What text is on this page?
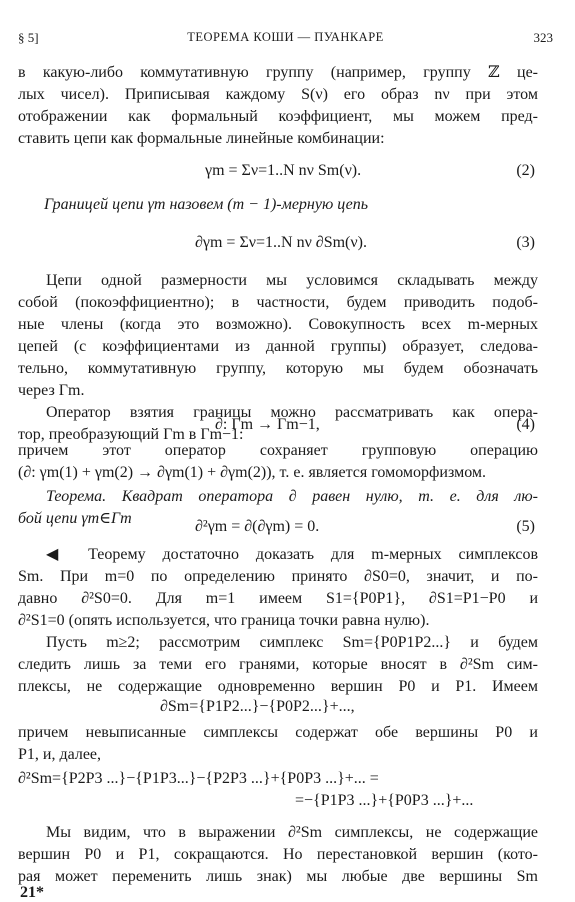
§ 5]	ТЕОРЕМА КОШИ — ПУАНКАРЕ	323
в какую-либо коммутативную группу (например, группу ℤ це-
лых чисел). Приписывая каждому S(ν) его образ nν при этом
отображении как формальный коэффициент, мы можем пред-
ставить цепи как формальные линейные комбинации:
γm = Σν=1..N nν Sm(ν).	(2)
Границей цепи γm назовем (m − 1)-мерную цепь
∂γm = Σν=1..N nν ∂Sm(ν).	(3)
Цепи одной размерности мы условимся складывать между
собой (покоэффициентно); в частности, будем приводить подоб-
ные члены (когда это возможно). Совокупность всех m-мерных
цепей (с коэффициентами из данной группы) образует, следова-
тельно, коммутативную группу, которую мы будем обозначать
через Γm.
Оператор взятия границы можно рассматривать как опера-
тор, преобразующий Γm в Γm−1:
∂: Γm → Γm−1,	(4)
причем этот оператор сохраняет групповую операцию
(∂: γm(1) + γm(2) → ∂γm(1) + ∂γm(2)), т. е. является гомоморфизмом.
Теорема. Квадрат оператора ∂ равен нулю, т. е. для лю-
бой цепи γm∈Γm	∂²γm = ∂(∂γm) = 0.	(5)
◀ Теорему достаточно доказать для m-мерных симплексов
Sm. При m=0 по определению принято ∂S0=0, значит, и по-
давно ∂²S0=0. Для m=1 имеем S1={P0P1}, ∂S1=P1−P0 и
∂²S1=0 (опять используется, что граница точки равна нулю).
Пусть m≥2; рассмотрим симплекс Sm={P0P1P2...} и будем
следить лишь за теми его гранями, которые вносят в ∂²Sm сим-
плексы, не содержащие одновременно вершин P0 и P1. Имеем
∂Sm={P1P2...}−{P0P2...}+...,
причем невыписанные симплексы содержат обе вершины P0 и
P1, и, далее,
∂²Sm={P2P3 ...}−{P1P3...}−{P2P3 ...}+{P0P3 ...}+... =
=−{P1P3 ...}+{P0P3 ...}+...
Мы видим, что в выражении ∂²Sm симплексы, не содержащие
вершин P0 и P1, сокращаются. Но перестановкой вершин (кото-
рая может переменить лишь знак) мы любые две вершины Sm
21*
